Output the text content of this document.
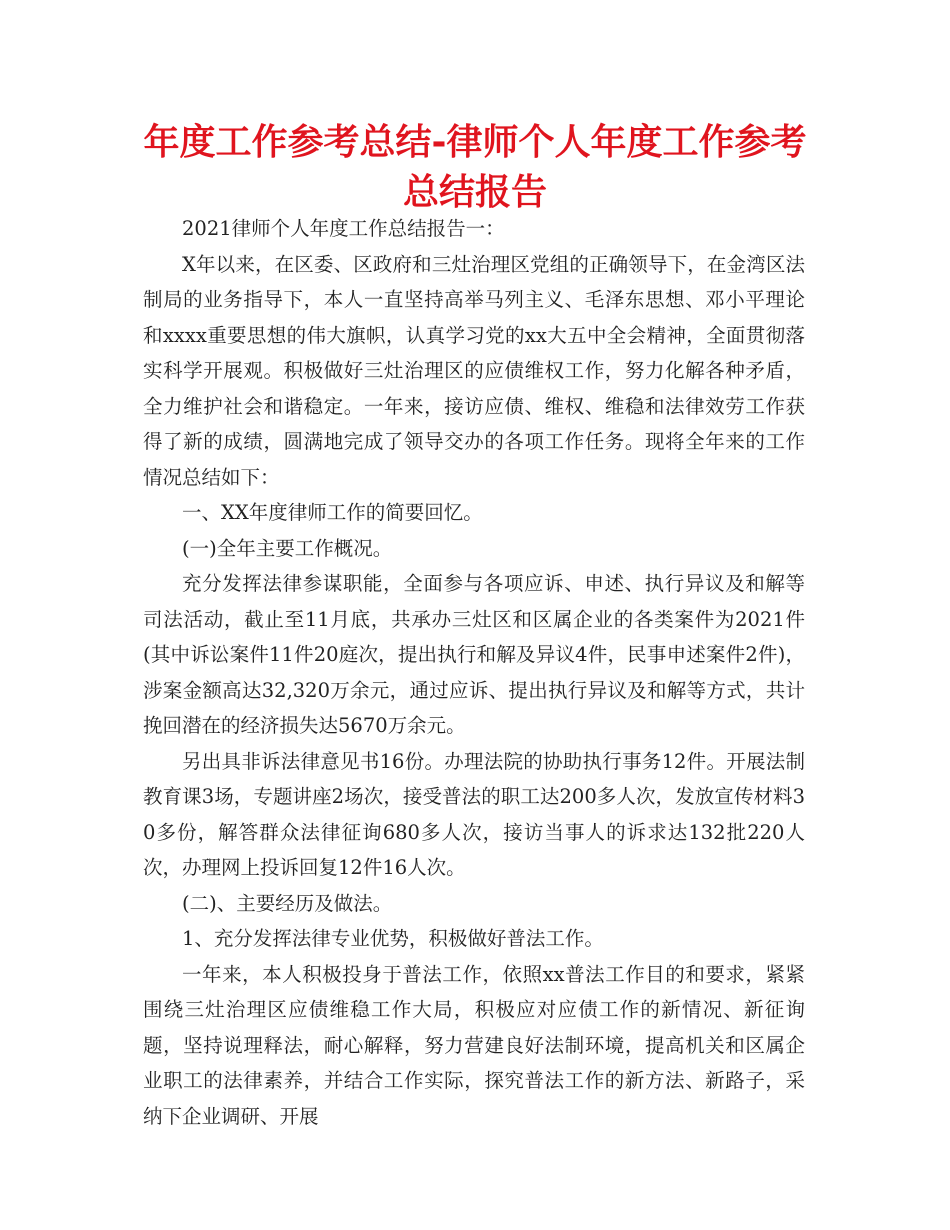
年度工作参考总结-律师个人年度工作参考总结报告

2021律师个人年度工作总结报告一：

X年以来，在区委、区政府和三灶治理区党组的正确领导下，在金湾区法制局的业务指导下，本人一直坚持高举马列主义、毛泽东思想、邓小平理论和xxxx重要思想的伟大旗帜，认真学习党的xx大五中全会精神，全面贯彻落实科学开展观。积极做好三灶治理区的应债维权工作，努力化解各种矛盾，全力维护社会和谐稳定。一年来，接访应债、维权、维稳和法律效劳工作获得了新的成绩，圆满地完成了领导交办的各项工作任务。现将全年来的工作情况总结如下：

一、XX年度律师工作的简要回忆。

(一)全年主要工作概况。

充分发挥法律参谋职能，全面参与各项应诉、申述、执行异议及和解等司法活动，截止至11月底，共承办三灶区和区属企业的各类案件为2021件(其中诉讼案件11件20庭次，提出执行和解及异议4件，民事申述案件2件)，涉案金额高达32,320万余元，通过应诉、提出执行异议及和解等方式，共计挽回潜在的经济损失达5670万余元。

另出具非诉法律意见书16份。办理法院的协助执行事务12件。开展法制教育课3场，专题讲座2场次，接受普法的职工达200多人次，发放宣传材料30多份，解答群众法律征询680多人次，接访当事人的诉求达132批220人次，办理网上投诉回复12件16人次。

(二)、主要经历及做法。

1、充分发挥法律专业优势，积极做好普法工作。

一年来，本人积极投身于普法工作，依照xx普法工作目的和要求，紧紧围绕三灶治理区应债维稳工作大局，积极应对应债工作的新情况、新征询题，坚持说理释法，耐心解释，努力营建良好法制环境，提高机关和区属企业职工的法律素养，并结合工作实际，探究普法工作的新方法、新路子，采纳下企业调研、开展
